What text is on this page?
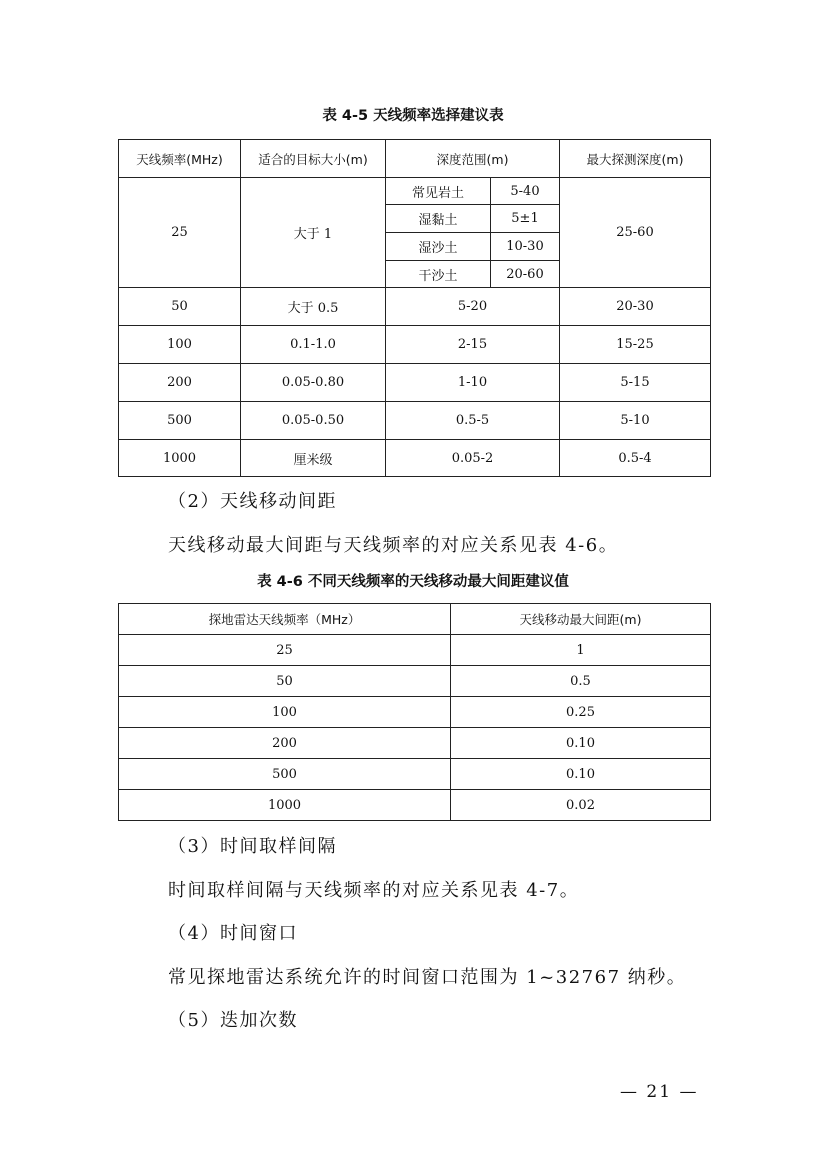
表 4-5 天线频率选择建议表
天线频率(MHz)	适合的目标大小(m)	深度范围(m)		最大探测深度(m)
25	大于 1	常见岩土	5-40	25-60
		湿黏土	5±1	
		湿沙土	10-30	
		干沙土	20-60	
50	大于 0.5	5-20		20-30
100	0.1-1.0	2-15		15-25
200	0.05-0.80	1-10		5-15
500	0.05-0.50	0.5-5		5-10
1000	厘米级	0.05-2		0.5-4
（2）天线移动间距
天线移动最大间距与天线频率的对应关系见表 4-6。
表 4-6 不同天线频率的天线移动最大间距建议值
探地雷达天线频率（MHz）	天线移动最大间距(m)
25	1
50	0.5
100	0.25
200	0.10
500	0.10
1000	0.02
（3）时间取样间隔
时间取样间隔与天线频率的对应关系见表 4-7。
（4）时间窗口
常见探地雷达系统允许的时间窗口范围为 1~32767 纳秒。
（5）迭加次数
— 21 —
